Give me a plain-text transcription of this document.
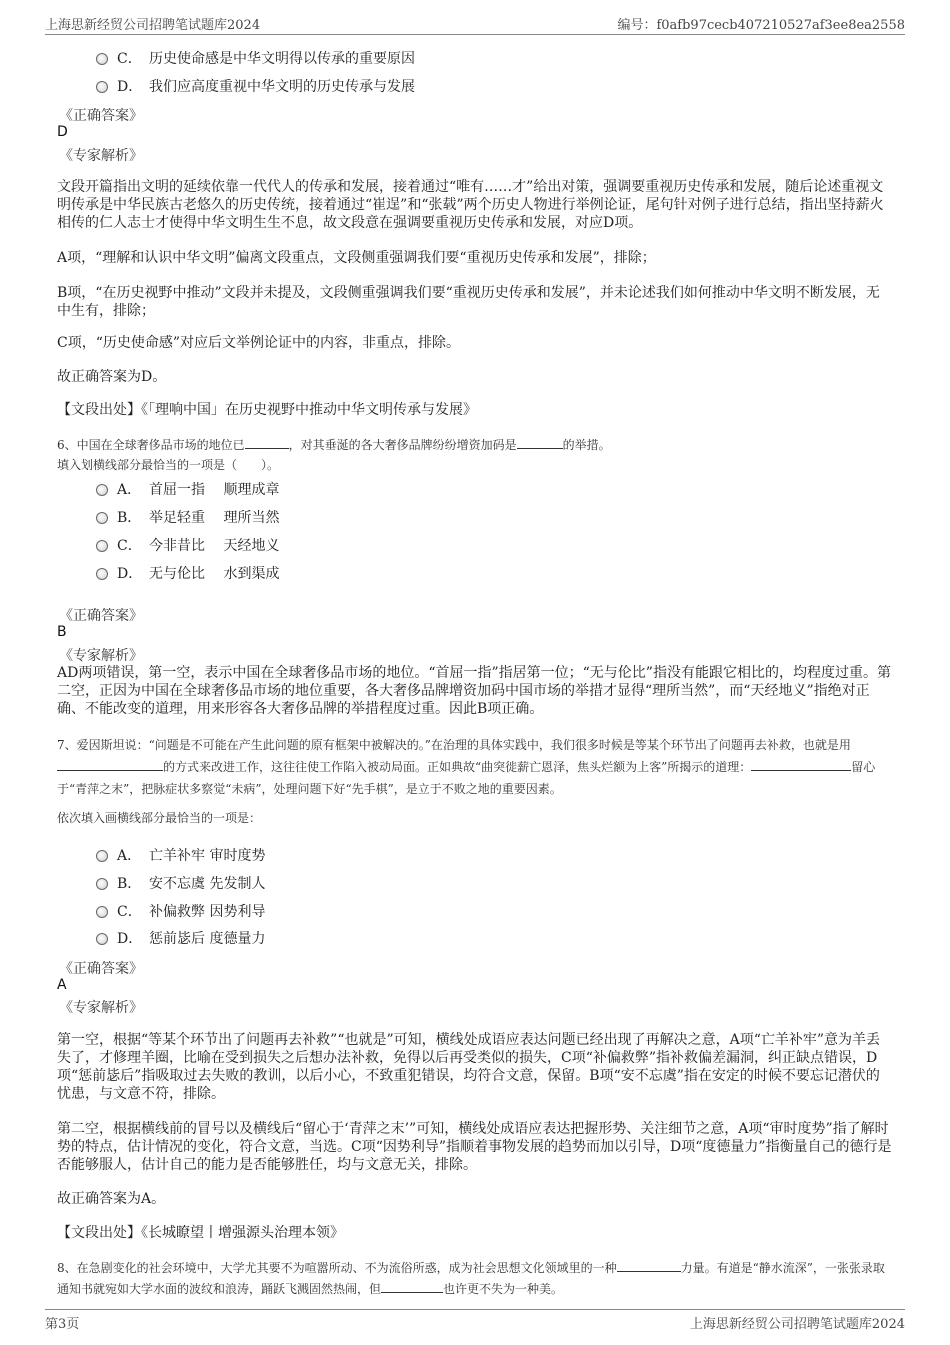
上海思新经贸公司招聘笔试题库2024	编号：f0afb97cecb407210527af3ee8ea2558
C． 历史使命感是中华文明得以传承的重要原因
D． 我们应高度重视中华文明的历史传承与发展
《正确答案》
D
《专家解析》
文段开篇指出文明的延续依靠一代代人的传承和发展，接着通过“唯有……才”给出对策，强调要重视历史传承和发展，随后论述重视文明传承是中华民族古老悠久的历史传统，接着通过“崔逞”和“张载”两个历史人物进行举例论证，尾句针对例子进行总结，指出坚持薪火相传的仁人志士才使得中华文明生生不息，故文段意在强调要重视历史传承和发展，对应D项。
A项，“理解和认识中华文明”偏离文段重点，文段侧重强调我们要“重视历史传承和发展”，排除；
B项，“在历史视野中推动”文段并未提及，文段侧重强调我们要“重视历史传承和发展”，并未论述我们如何推动中华文明不断发展，无中生有，排除；
C项，“历史使命感”对应后文举例论证中的内容，非重点，排除。
故正确答案为D。
【文段出处】《「理响中国」在历史视野中推动中华文明传承与发展》
6、中国在全球奢侈品市场的地位已	，对其垂涎的各大奢侈品牌纷纷增资加码是	的举措。
填入划横线部分最恰当的一项是（　　）。
A． 首屈一指　 顺理成章
B． 举足轻重　 理所当然
C． 今非昔比　 天经地义
D． 无与伦比　 水到渠成
《正确答案》
B
《专家解析》
AD两项错误，第一空，表示中国在全球奢侈品市场的地位。“首屈一指”指居第一位；“无与伦比”指没有能跟它相比的，均程度过重。第二空，正因为中国在全球奢侈品市场的地位重要，各大奢侈品牌增资加码中国市场的举措才显得“理所当然”，而“天经地义”指绝对正确、不能改变的道理，用来形容各大奢侈品牌的举措程度过重。因此B项正确。
7、爱因斯坦说：“问题是不可能在产生此问题的原有框架中被解决的。”在治理的具体实践中，我们很多时候是等某个环节出了问题再去补救，也就是用的方式来改进工作，这往往使工作陷入被动局面。正如典故“曲突徙薪亡恩泽，焦头烂额为上客”所揭示的道理：	留心于“青萍之末”，把脉症状多察觉“未病”，处理问题下好“先手棋”，是立于不败之地的重要因素。
依次填入画横线部分最恰当的一项是：
A． 亡羊补牢 审时度势
B． 安不忘虞 先发制人
C． 补偏救弊 因势利导
D． 惩前毖后 度德量力
《正确答案》
A
《专家解析》
第一空，根据“等某个环节出了问题再去补救”“也就是”可知，横线处成语应表达问题已经出现了再解决之意，A项“亡羊补牢”意为羊丢失了，才修理羊圈，比喻在受到损失之后想办法补救，免得以后再受类似的损失，C项“补偏救弊”指补救偏差漏洞，纠正缺点错误，D项“惩前毖后”指吸取过去失败的教训，以后小心，不致重犯错误，均符合文意，保留。B项“安不忘虞”指在安定的时候不要忘记潜伏的忧患，与文意不符，排除。
第二空，根据横线前的冒号以及横线后“留心于‘青萍之末’”可知，横线处成语应表达把握形势、关注细节之意，A项“审时度势”指了解时势的特点，估计情况的变化，符合文意，当选。C项“因势利导”指顺着事物发展的趋势而加以引导，D项“度德量力”指衡量自己的德行是否能够服人，估计自己的能力是否能够胜任，均与文意无关，排除。
故正确答案为A。
【文段出处】《长城瞭望丨增强源头治理本领》
8、在急剧变化的社会环境中，大学尤其要不为喧嚣所动、不为流俗所惑，成为社会思想文化领域里的一种	力量。有道是“静水流深”，一张张录取通知书就宛如大学水面的波纹和浪涛，踊跃飞溅固然热闹，但	也许更不失为一种美。
第3页	上海思新经贸公司招聘笔试题库2024
